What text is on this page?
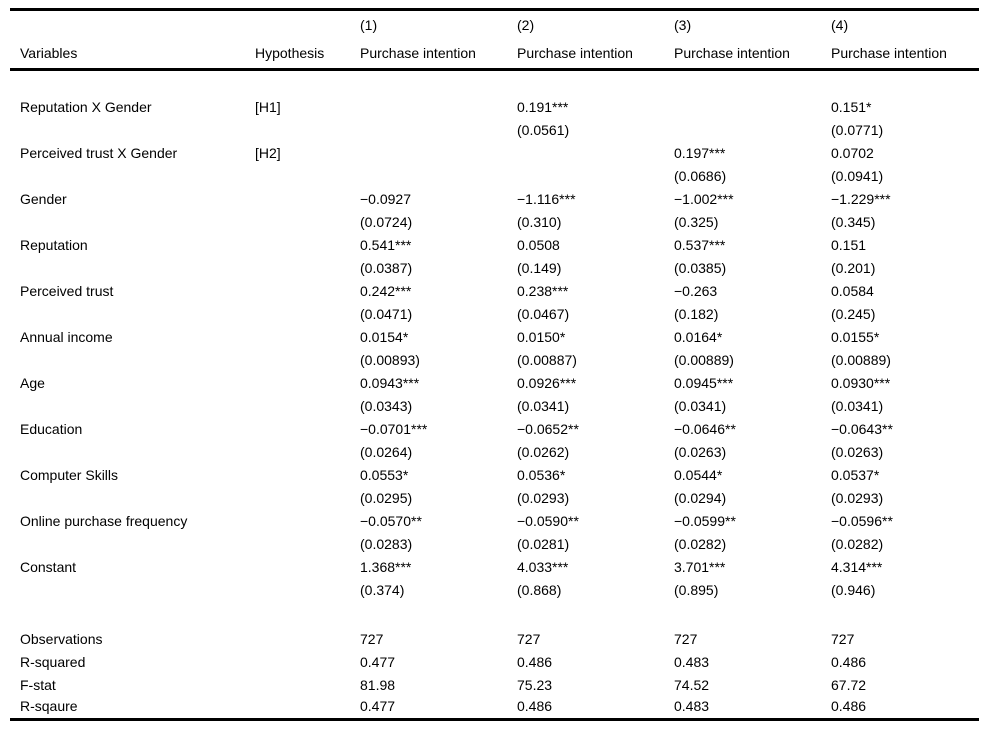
		(1)	(2)	(3)	(4)
Variables	Hypothesis	Purchase intention	Purchase intention	Purchase intention	Purchase intention

Reputation X Gender	[H1]		0.191***		0.151*
			(0.0561)		(0.0771)
Perceived trust X Gender	[H2]			0.197***	0.0702
				(0.0686)	(0.0941)
Gender		−0.0927	−1.116***	−1.002***	−1.229***
		(0.0724)	(0.310)	(0.325)	(0.345)
Reputation		0.541***	0.0508	0.537***	0.151
		(0.0387)	(0.149)	(0.0385)	(0.201)
Perceived trust		0.242***	0.238***	−0.263	0.0584
		(0.0471)	(0.0467)	(0.182)	(0.245)
Annual income		0.0154*	0.0150*	0.0164*	0.0155*
		(0.00893)	(0.00887)	(0.00889)	(0.00889)
Age		0.0943***	0.0926***	0.0945***	0.0930***
		(0.0343)	(0.0341)	(0.0341)	(0.0341)
Education		−0.0701***	−0.0652**	−0.0646**	−0.0643**
		(0.0264)	(0.0262)	(0.0263)	(0.0263)
Computer Skills		0.0553*	0.0536*	0.0544*	0.0537*
		(0.0295)	(0.0293)	(0.0294)	(0.0293)
Online purchase frequency		−0.0570**	−0.0590**	−0.0599**	−0.0596**
		(0.0283)	(0.0281)	(0.0282)	(0.0282)
Constant		1.368***	4.033***	3.701***	4.314***
		(0.374)	(0.868)	(0.895)	(0.946)

Observations		727	727	727	727
R-squared		0.477	0.486	0.483	0.486
F-stat		81.98	75.23	74.52	67.72
R-sqaure		0.477	0.486	0.483	0.486
